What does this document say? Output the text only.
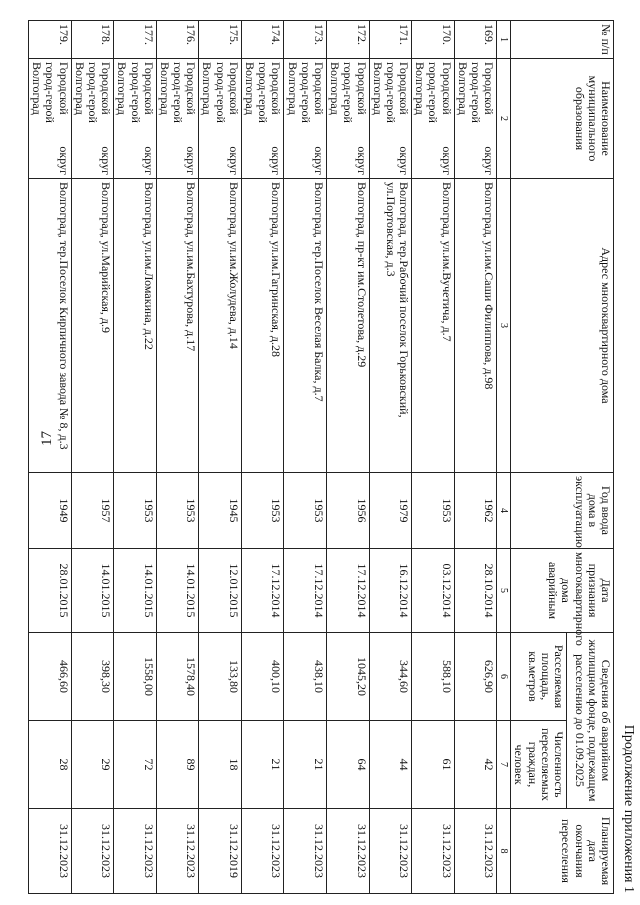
17
Продолжение приложения 1
№ п/п	Наименование муниципального образования	Адрес многоквартирного дома	Год ввода дома в эксплуатацию	Дата признания многоквартирного дома аварийным	Сведения об аварийном жилищном фонде, подлежащем расселению до 01.09.2025		Планируемая дата окончания переселения
					Расселяемая площадь, кв.метров	Численность переселяемых граждан, человек	
1	2	3	4	5	6	7	8
169.	Городской округ город-герой Волгоград	Волгоград, ул.им.Саши Филиппова, д.98	1962	28.10.2014	626,90	42	31.12.2023
170.	Городской округ город-герой Волгоград	Волгоград, ул.им.Вучетича, д.7	1953	03.12.2014	588,10	61	31.12.2023
171.	Городской округ город-герой Волгоград	Волгоград, тер.Рабочий поселок Горьковский, ул.Портовская, д.3	1979	16.12.2014	344,60	44	31.12.2023
172.	Городской округ город-герой Волгоград	Волгоград, пр-кт им.Столетова, д.29	1956	17.12.2014	1045,20	64	31.12.2023
173.	Городской округ город-герой Волгоград	Волгоград, тер.Поселок Веселая Балка, д.7	1953	17.12.2014	438,10	21	31.12.2023
174.	Городской округ город-герой Волгоград	Волгоград, ул.им.Гагринская, д.28	1953	17.12.2014	400,10	21	31.12.2023
175.	Городской округ город-герой Волгоград	Волгоград, ул.им.Жолудева, д.14	1945	12.01.2015	133,80	18	31.12.2019
176.	Городской округ город-герой Волгоград	Волгоград, ул.им.Бахтурова, д.17	1953	14.01.2015	1578,40	89	31.12.2023
177.	Городской округ город-герой Волгоград	Волгоград, ул.им.Ломакина, д.22	1953	14.01.2015	1558,00	72	31.12.2023
178.	Городской округ город-герой Волгоград	Волгоград, ул.Марийская, д.9	1957	14.01.2015	398,30	29	31.12.2023
179.	Городской округ город-герой Волгоград	Волгоград, тер.Поселок Кирпичного завода № 8, д.3	1949	28.01.2015	466,60	28	31.12.2023
